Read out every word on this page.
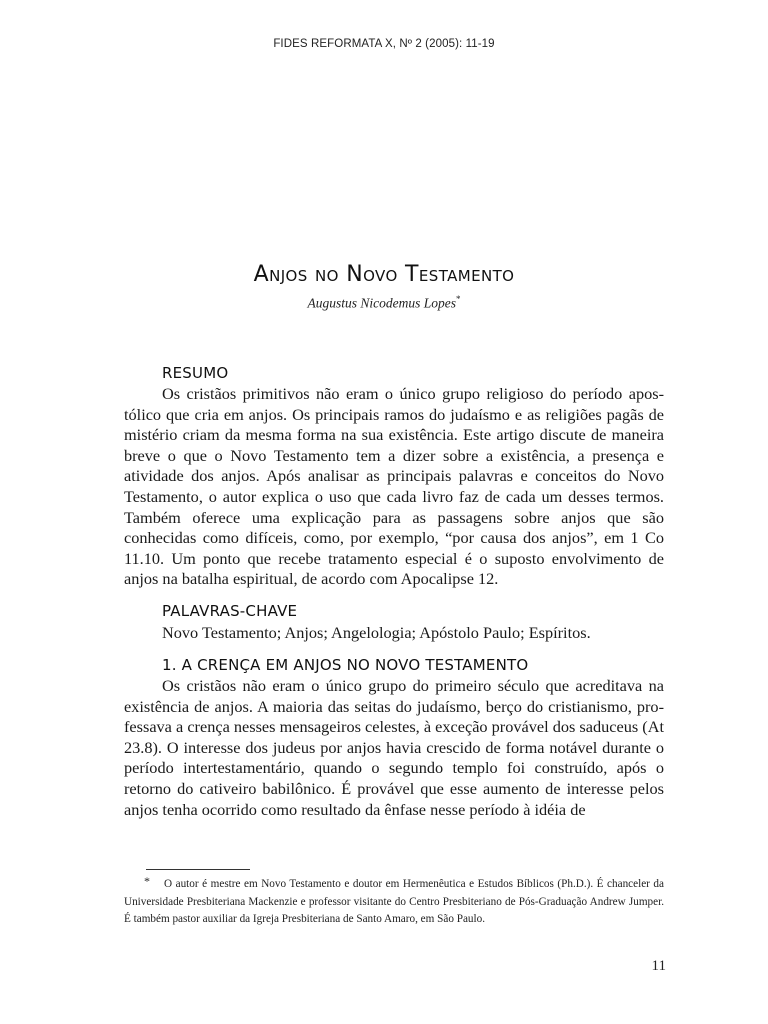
FIDES REFORMATA X, Nº 2 (2005): 11-19
Anjos no Novo Testamento
Augustus Nicodemus Lopes*
RESUMO

Os cristãos primitivos não eram o único grupo religioso do período apostólico que cria em anjos. Os principais ramos do judaísmo e as religiões pagãs de mistério criam da mesma forma na sua existência. Este artigo discute de maneira breve o que o Novo Testamento tem a dizer sobre a existência, a presença e atividade dos anjos. Após analisar as principais palavras e conceitos do Novo Testamento, o autor explica o uso que cada livro faz de cada um desses termos. Também oferece uma explicação para as passagens sobre anjos que são conhecidas como difíceis, como, por exemplo, “por causa dos anjos”, em 1 Co 11.10. Um ponto que recebe tratamento especial é o suposto envolvimento de anjos na batalha espiritual, de acordo com Apocalipse 12.

PALAVRAS-CHAVE

Novo Testamento; Anjos; Angelologia; Apóstolo Paulo; Espíritos.

1. A CRENÇA EM ANJOS NO NOVO TESTAMENTO

Os cristãos não eram o único grupo do primeiro século que acreditava na existência de anjos. A maioria das seitas do judaísmo, berço do cristianismo, professava a crença nesses mensageiros celestes, à exceção provável dos saduceus (At 23.8). O interesse dos judeus por anjos havia crescido de forma notável durante o período intertestamentário, quando o segundo templo foi construído, após o retorno do cativeiro babilônico. É provável que esse aumento de interesse pelos anjos tenha ocorrido como resultado da ênfase nesse período à idéia de

* O autor é mestre em Novo Testamento e doutor em Hermenêutica e Estudos Bíblicos (Ph.D.). É chanceler da Universidade Presbiteriana Mackenzie e professor visitante do Centro Presbiteriano de Pós-Graduação Andrew Jumper. É também pastor auxiliar da Igreja Presbiteriana de Santo Amaro, em São Paulo.
11
